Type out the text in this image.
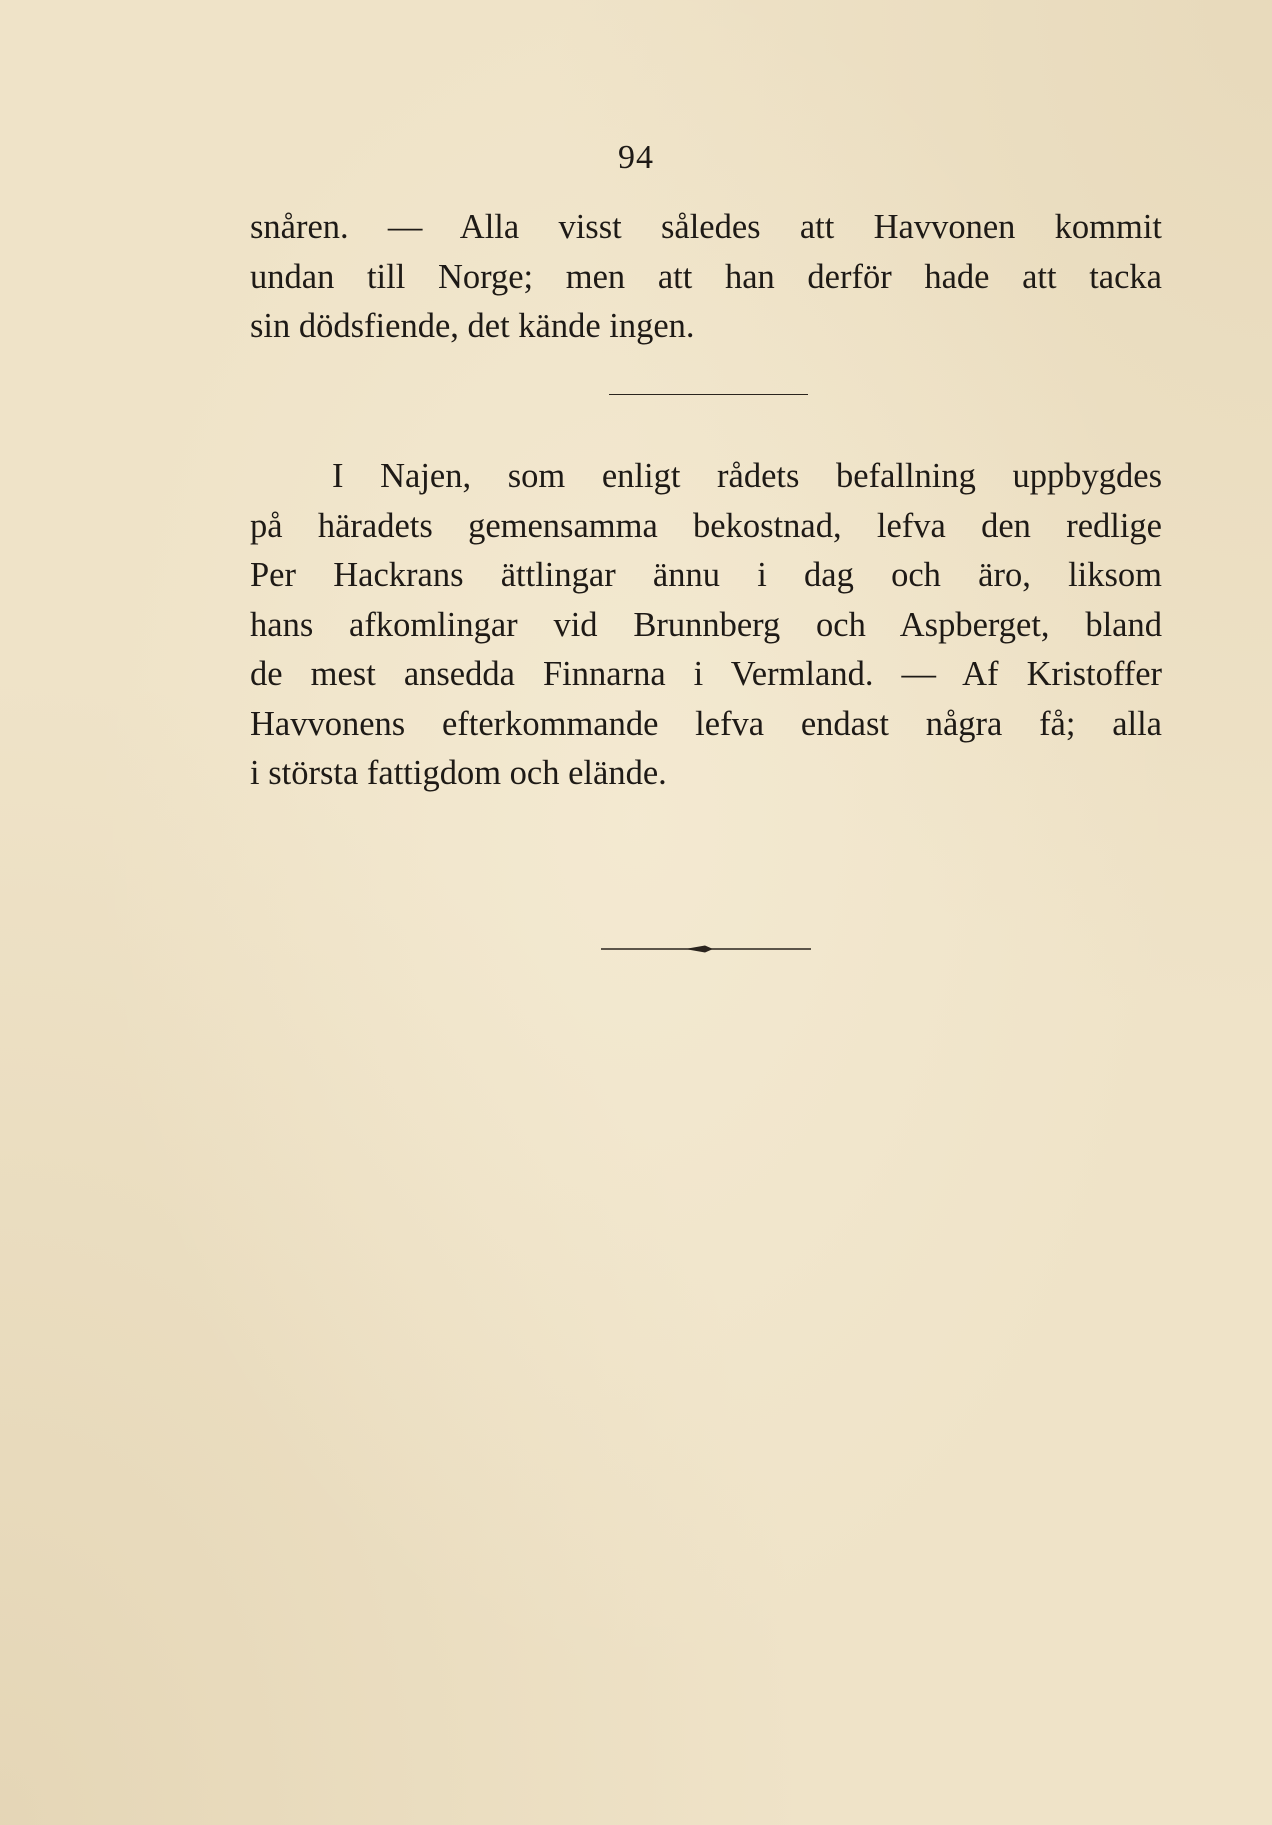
94
snåren. — Alla visst således att Havvonen kommit
undan till Norge; men att han derför hade att tacka
sin dödsfiende, det kände ingen.
I Najen, som enligt rådets befallning uppbygdes
på häradets gemensamma bekostnad, lefva den redlige
Per Hackrans ättlingar ännu i dag och äro, liksom
hans afkomlingar vid Brunnberg och Aspberget, bland
de mest ansedda Finnarna i Vermland. — Af Kristoffer
Havvonens efterkommande lefva endast några få; alla
i största fattigdom och elände.
